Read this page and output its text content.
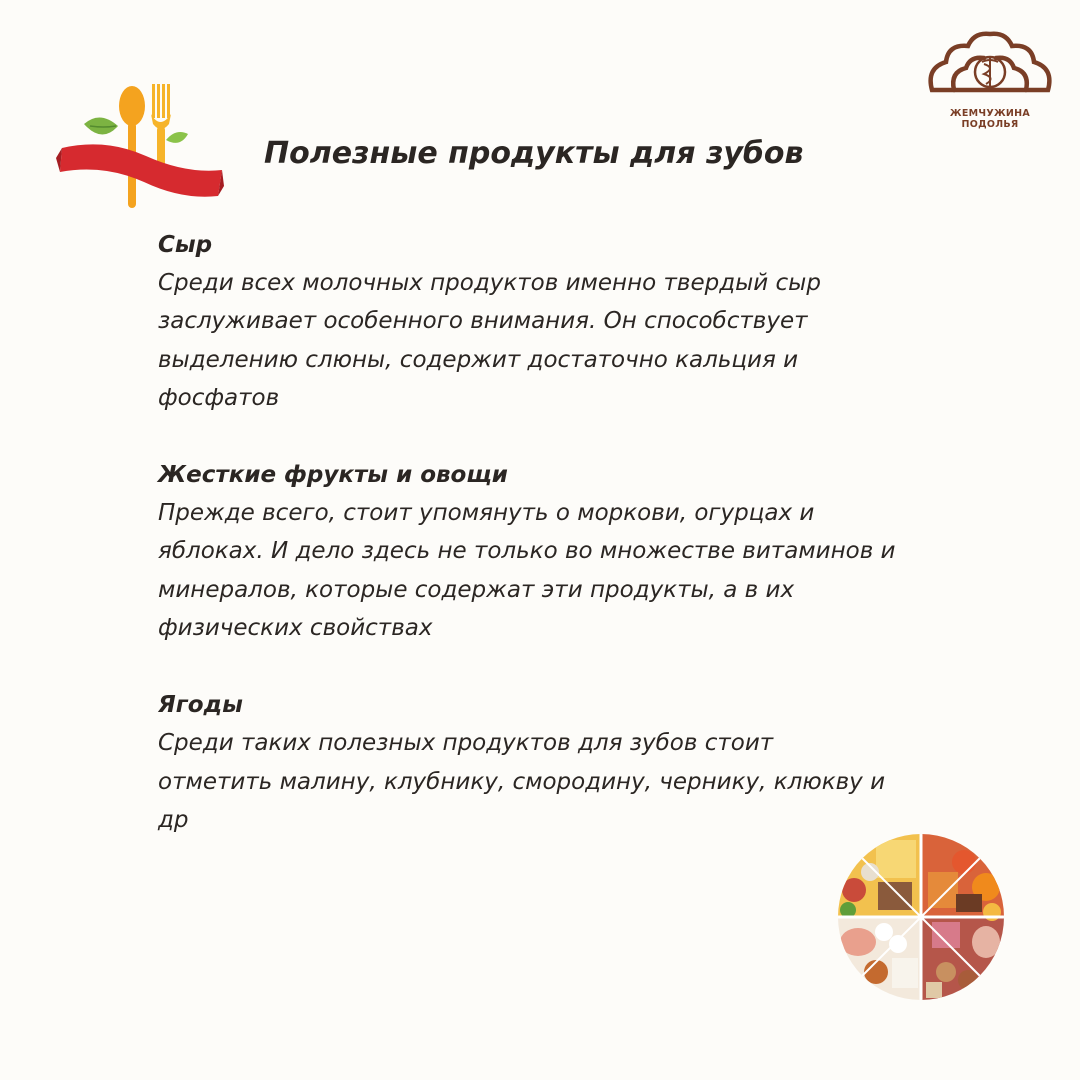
ЖЕМЧУЖИНА ПОДОЛЬЯ
Полезные продукты для зубов

Сыр

Среди всех молочных продуктов именно твердый сыр

заслуживает особенного внимания. Он способствует

выделению слюны, содержит достаточно кальция и

фосфатов

Жесткие фрукты и овощи

Прежде всего, стоит упомянуть о моркови, огурцах и

яблоках. И дело здесь не только во множестве витаминов и

минералов, которые содержат эти продукты, а в их

физических свойствах

Ягоды

Среди таких полезных продуктов для зубов стоит

отметить малину, клубнику, смородину, чернику, клюкву и

др
